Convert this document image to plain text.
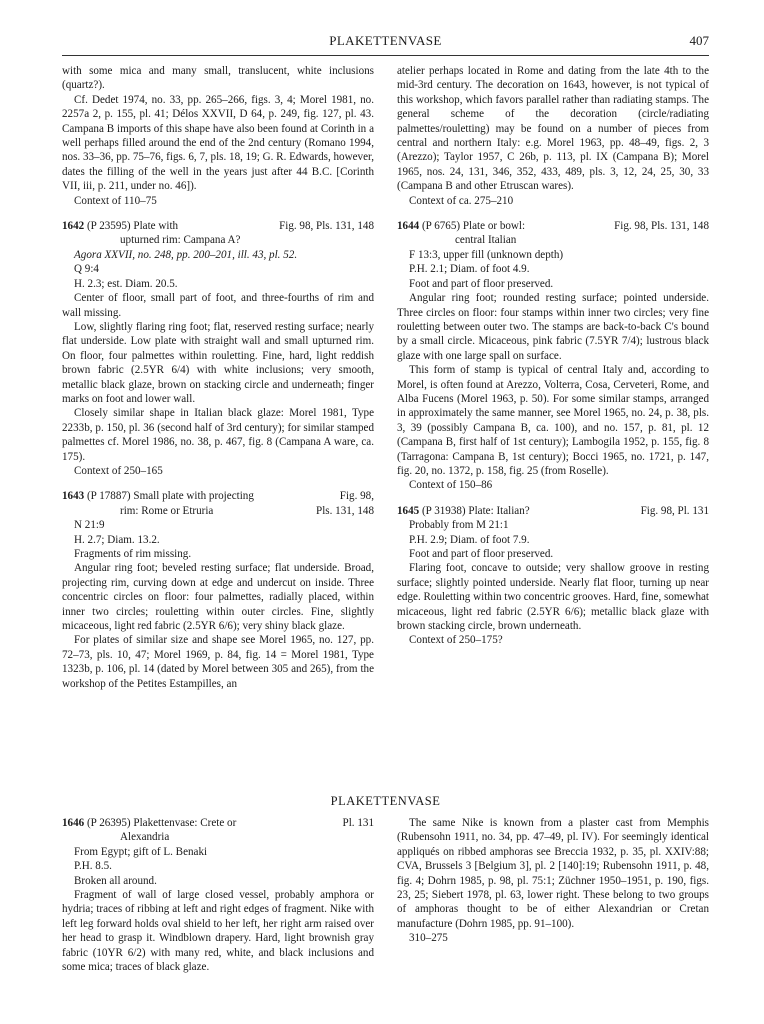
PLAKETTENVASE	407

with some mica and many small, translucent, white inclusions (quartz?).

Cf. Dedet 1974, no. 33, pp. 265–266, figs. 3, 4; Morel 1981, no. 2257a 2, p. 155, pl. 41; Délos XXVII, D 64, p. 249, fig. 127, pl. 43. Campana B imports of this shape have also been found at Corinth in a well perhaps filled around the end of the 2nd century (Romano 1994, nos. 33–36, pp. 75–76, figs. 6, 7, pls. 18, 19; G. R. Edwards, however, dates the filling of the well in the years just after 44 B.C. [Corinth VII, iii, p. 211, under no. 46]).

Context of 110–75

1642 (P 23595) Plate with	Fig. 98, Pls. 131, 148

upturned rim: Campana A?

Agora XXVII, no. 248, pp. 200–201, ill. 43, pl. 52.

Q 9:4

H. 2.3; est. Diam. 20.5.

Center of floor, small part of foot, and three-fourths of rim and wall missing.

Low, slightly flaring ring foot; flat, reserved resting surface; nearly flat underside. Low plate with straight wall and small upturned rim. On floor, four palmettes within rouletting. Fine, hard, light reddish brown fabric (2.5YR 6/4) with white inclusions; very smooth, metallic black glaze, brown on stacking circle and underneath; finger marks on foot and lower wall.

Closely similar shape in Italian black glaze: Morel 1981, Type 2233b, p. 150, pl. 36 (second half of 3rd century); for similar stamped palmettes cf. Morel 1986, no. 38, p. 467, fig. 8 (Campana A ware, ca. 175).

Context of 250–165

1643 (P 17887) Small plate with projecting	Fig. 98,
rim: Rome or Etruria	Pls. 131, 148

N 21:9

H. 2.7; Diam. 13.2.

Fragments of rim missing.

Angular ring foot; beveled resting surface; flat underside. Broad, projecting rim, curving down at edge and undercut on inside. Three concentric circles on floor: four palmettes, radially placed, within inner two circles; rouletting within outer circles. Fine, slightly micaceous, light red fabric (2.5YR 6/6); very shiny black glaze.

For plates of similar size and shape see Morel 1965, no. 127, pp. 72–73, pls. 10, 47; Morel 1969, p. 84, fig. 14 = Morel 1981, Type 1323b, p. 106, pl. 14 (dated by Morel between 305 and 265), from the workshop of the Petites Estampilles, an

atelier perhaps located in Rome and dating from the late 4th to the mid-3rd century. The decoration on 1643, however, is not typical of this workshop, which favors parallel rather than radiating stamps. The general scheme of the decoration (circle/radiating palmettes/rouletting) may be found on a number of pieces from central and northern Italy: e.g. Morel 1963, pp. 48–49, figs. 2, 3 (Arezzo); Taylor 1957, C 26b, p. 113, pl. IX (Campana B); Morel 1965, nos. 24, 131, 346, 352, 433, 489, pls. 3, 12, 24, 25, 30, 33 (Campana B and other Etruscan wares).

Context of ca. 275–210

1644 (P 6765) Plate or bowl:	Fig. 98, Pls. 131, 148

central Italian

F 13:3, upper fill (unknown depth)

P.H. 2.1; Diam. of foot 4.9.

Foot and part of floor preserved.

Angular ring foot; rounded resting surface; pointed underside. Three circles on floor: four stamps within inner two circles; very fine rouletting between outer two. The stamps are back-to-back C's bound by a small circle. Micaceous, pink fabric (7.5YR 7/4); lustrous black glaze with one large spall on surface.

This form of stamp is typical of central Italy and, according to Morel, is often found at Arezzo, Volterra, Cosa, Cerveteri, Rome, and Alba Fucens (Morel 1963, p. 50). For some similar stamps, arranged in approximately the same manner, see Morel 1965, no. 24, p. 38, pls. 3, 39 (possibly Campana B, ca. 100), and no. 157, p. 81, pl. 12 (Campana B, first half of 1st century); Lambogila 1952, p. 155, fig. 8 (Tarragona: Campana B, 1st century); Bocci 1965, no. 1721, p. 147, fig. 20, no. 1372, p. 158, fig. 25 (from Roselle).

Context of 150–86

1645 (P 31938) Plate: Italian?	Fig. 98, Pl. 131

Probably from M 21:1

P.H. 2.9; Diam. of foot 7.9.

Foot and part of floor preserved.

Flaring foot, concave to outside; very shallow groove in resting surface; slightly pointed underside. Nearly flat floor, turning up near edge. Rouletting within two concentric grooves. Hard, fine, somewhat micaceous, light red fabric (2.5YR 6/6); metallic black glaze with brown stacking circle, brown underneath.

Context of 250–175?

PLAKETTENVASE
1646 (P 26395) Plakettenvase: Crete or	Pl. 131

Alexandria

From Egypt; gift of L. Benaki

P.H. 8.5.

Broken all around.

Fragment of wall of large closed vessel, probably amphora or hydria; traces of ribbing at left and right edges of fragment. Nike with left leg forward holds oval shield to her left, her right arm raised over her head to grasp it. Windblown drapery. Hard, light brownish gray fabric (10YR 6/2) with many red, white, and black inclusions and some mica; traces of black glaze.

The same Nike is known from a plaster cast from Memphis (Rubensohn 1911, no. 34, pp. 47–49, pl. IV). For seemingly identical appliqués on ribbed amphoras see Breccia 1932, p. 35, pl. XXIV:88; CVA, Brussels 3 [Belgium 3], pl. 2 [140]:19; Rubensohn 1911, p. 48, fig. 4; Dohrn 1985, p. 98, pl. 75:1; Züchner 1950–1951, p. 190, figs. 23, 25; Siebert 1978, pl. 63, lower right. These belong to two groups of amphoras thought to be of either Alexandrian or Cretan manufacture (Dohrn 1985, pp. 91–100).

310–275
